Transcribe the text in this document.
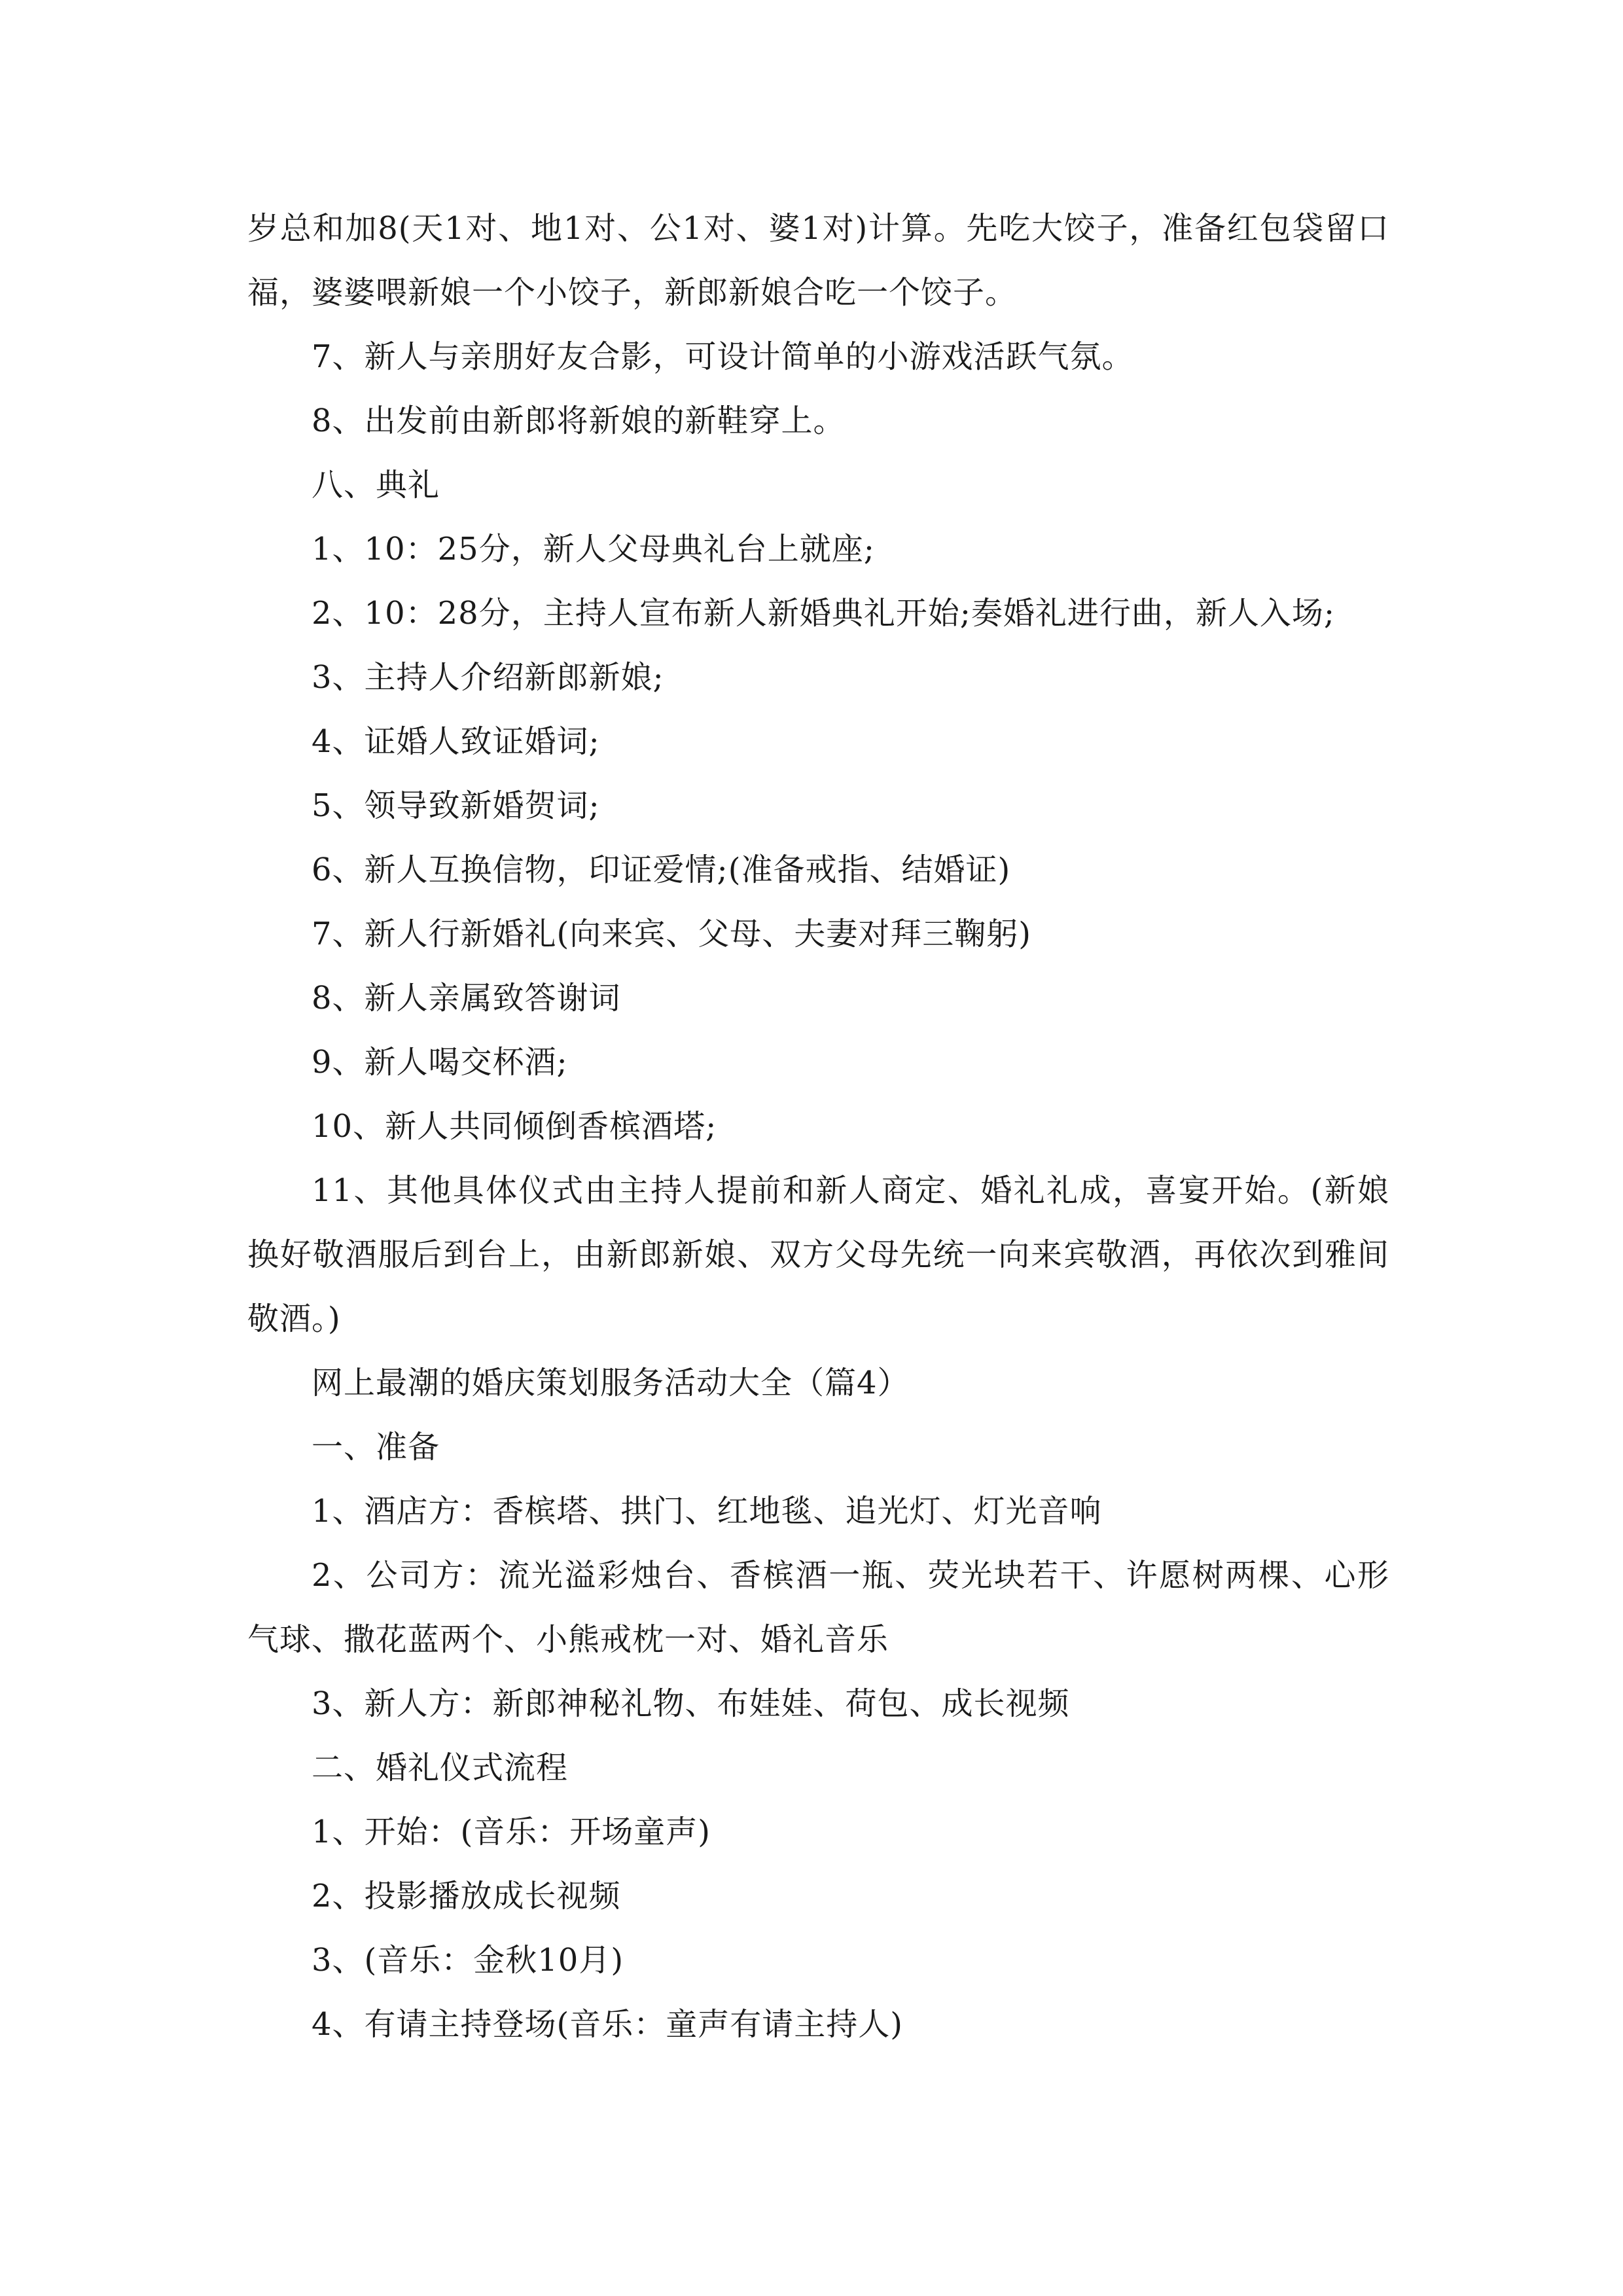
岁总和加8(天1对、地1对、公1对、婆1对)计算。先吃大饺子，准备红包袋留口福，婆婆喂新娘一个小饺子，新郎新娘合吃一个饺子。

7、新人与亲朋好友合影，可设计简单的小游戏活跃气氛。

8、出发前由新郎将新娘的新鞋穿上。

八、典礼

1、10：25分，新人父母典礼台上就座;

2、10：28分，主持人宣布新人新婚典礼开始;奏婚礼进行曲，新人入场;

3、主持人介绍新郎新娘;

4、证婚人致证婚词;

5、领导致新婚贺词;

6、新人互换信物，印证爱情;(准备戒指、结婚证)

7、新人行新婚礼(向来宾、父母、夫妻对拜三鞠躬)

8、新人亲属致答谢词

9、新人喝交杯酒;

10、新人共同倾倒香槟酒塔;

11、其他具体仪式由主持人提前和新人商定、婚礼礼成，喜宴开始。(新娘换好敬酒服后到台上，由新郎新娘、双方父母先统一向来宾敬酒，再依次到雅间敬酒。)

网上最潮的婚庆策划服务活动大全（篇4）

一、准备

1、酒店方：香槟塔、拱门、红地毯、追光灯、灯光音响

2、公司方：流光溢彩烛台、香槟酒一瓶、荧光块若干、许愿树两棵、心形气球、撒花蓝两个、小熊戒枕一对、婚礼音乐

3、新人方：新郎神秘礼物、布娃娃、荷包、成长视频

二、婚礼仪式流程

1、开始：(音乐：开场童声)

2、投影播放成长视频

3、(音乐：金秋10月)

4、有请主持登场(音乐：童声有请主持人)
